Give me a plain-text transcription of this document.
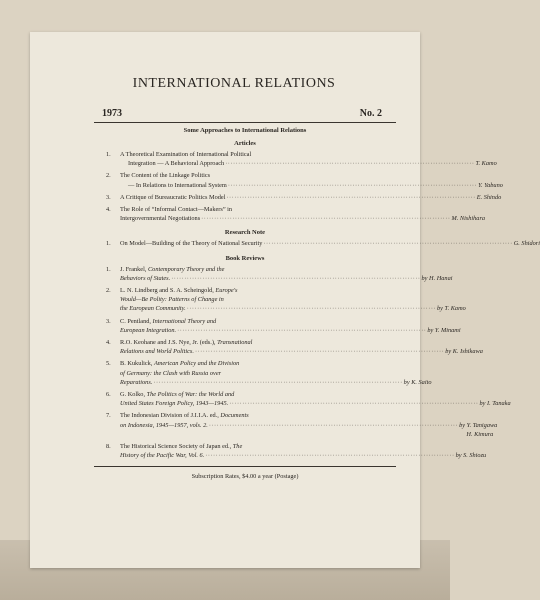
INTERNATIONAL RELATIONS
1973	No. 2
Some Approaches to International Relations
Articles
1.	A Theoretical Examination of International Political
Integration — A Behavioral Approach ·····	T. Kamo
2.	The Content of the Linkage Politics
— In Relations to International System ·····	Y. Yabuno
3.	A Critique of Bureaucratic Politics Model ·····	E. Shindo
4.	The Role of “Informal Contact—Makers” in
Intergovernmental Negotiations ·····	M. Nishihara
Research Note
1.	On Model—Building of the Theory of National Security ·····	G. Shidori
Book Reviews
1.	J. Frankel, Contemporary Theory and the
Behaviors of States. ·····	by H. Hanai
2.	L. N. Lindberg and S. A. Scheingold, Europe's
Would—Be Polity: Patterns of Change in
the European Community. ·····	by T. Kamo
3.	C. Pentland, International Theory and
European Integration. ·····	by Y. Minami
4.	R.O. Keohane and J.S. Nye, Jr. (eds.), Transnational
Relations and World Politics. ·····	by K. Ishikawa
5.	B. Kukulick, American Policy and the Division
of Germany: the Clash with Russia over
Reparations. ·····	by K. Saito
6.	G. Kolko, The Politics of War: the World and
United States Foreign Policy, 1943—1945. ·····	by I. Tanaka
7.	The Indonesian Division of J.I.I.A. ed., Documents
on Indonesia, 1945—1957, vols. 2. ·····	by Y. Tanigawa
H. Kimura
8.	The Historical Science Society of Japan ed., The
History of the Pacific War, Vol. 6. ·····	by S. Shiozu
Subscription Rates, $4.00 a year (Postage)
